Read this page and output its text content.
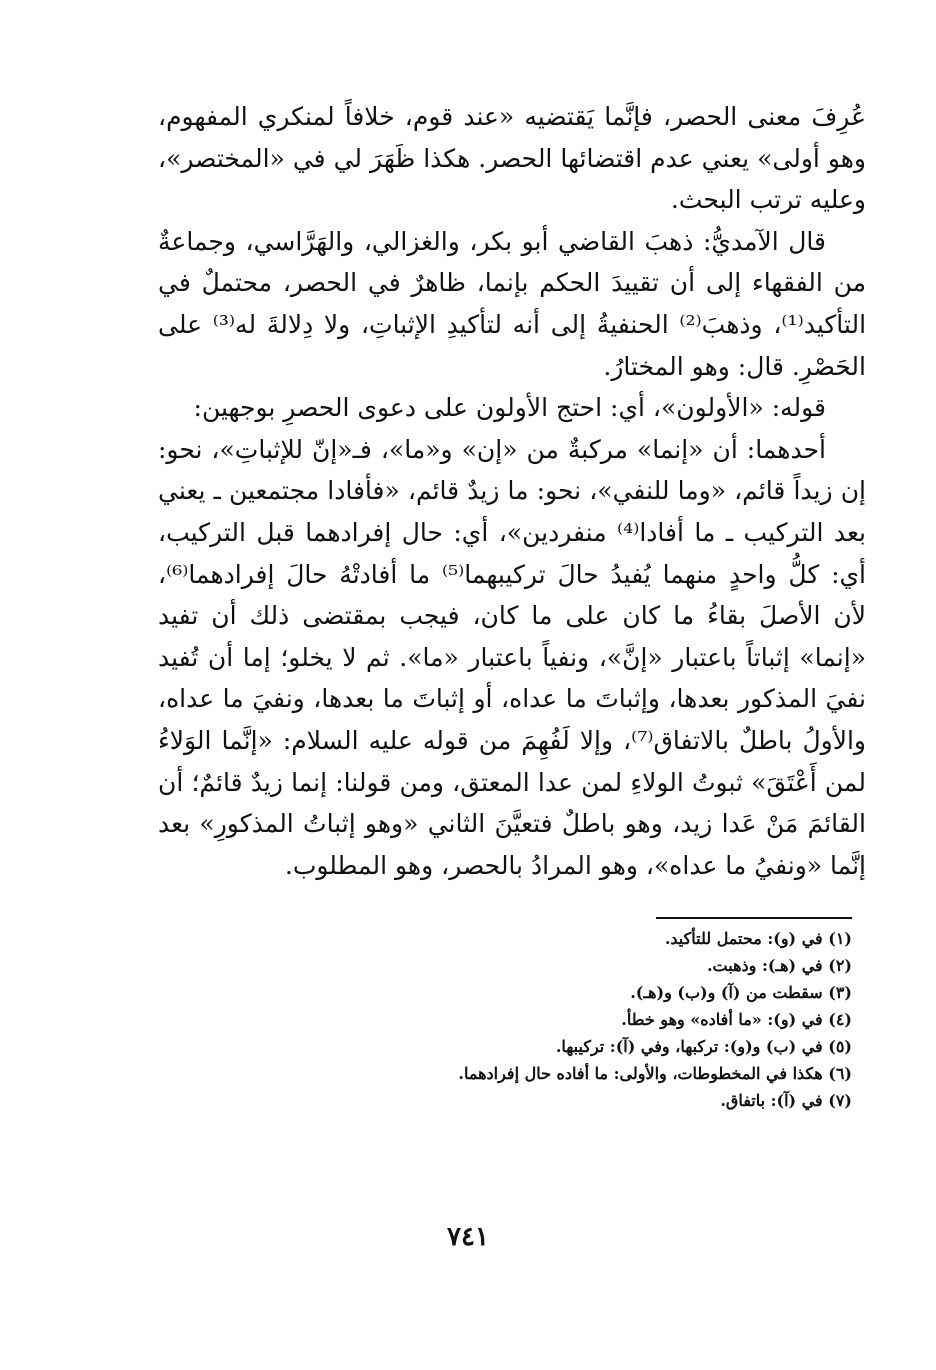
عُرِفَ معنى الحصر، فإنَّما يَقتضيه «عند قوم، خلافاً لمنكري المفهوم، وهو أولى» يعني عدم اقتضائها الحصر. هكذا ظَهَرَ لي في «المختصر»، وعليه ترتب البحث.

قال الآمديُّ: ذهبَ القاضي أبو بكر، والغزالي، والهَرَّاسي، وجماعةٌ من الفقهاء إلى أن تقييدَ الحكم بإنما، ظاهرٌ في الحصر، محتملٌ في التأكيد⁽¹⁾، وذهبَ⁽²⁾ الحنفيةُ إلى أنه لتأكيدِ الإثباتِ، ولا دِلالةَ له⁽³⁾ على الحَصْرِ. قال: وهو المختارُ.

قوله: «الأولون»، أي: احتج الأولون على دعوى الحصرِ بوجهين:

أحدهما: أن «إنما» مركبةٌ من «إن» و«ما»، فـ«إنّ للإثباتِ»، نحو: إن زيداً قائم، «وما للنفي»، نحو: ما زيدٌ قائم، «فأفادا مجتمعين ـ يعني بعد التركيب ـ ما أفادا⁽⁴⁾ منفردين»، أي: حال إفرادهما قبل التركيب، أي: كلُّ واحدٍ منهما يُفيدُ حالَ تركيبهما⁽⁵⁾ ما أفادتْهُ حالَ إفرادهما⁽⁶⁾، لأن الأصلَ بقاءُ ما كان على ما كان، فيجب بمقتضى ذلك أن تفيد «إنما» إثباتاً باعتبار «إنَّ»، ونفياً باعتبار «ما». ثم لا يخلو؛ إما أن تُفيد نفيَ المذكور بعدها، وإثباتَ ما عداه، أو إثباتَ ما بعدها، ونفيَ ما عداه، والأولُ باطلٌ بالاتفاق⁽⁷⁾، وإلا لَفُهِمَ من قوله عليه السلام: «إنَّما الوَلاءُ لمن أَعْتَقَ» ثبوتُ الولاءِ لمن عدا المعتق، ومن قولنا: إنما زيدٌ قائمٌ؛ أن القائمَ مَنْ عَدا زيد، وهو باطلٌ فتعيَّنَ الثاني «وهو إثباتُ المذكورِ» بعد إنَّما «ونفيُ ما عداه»، وهو المرادُ بالحصر، وهو المطلوب.

(١) في (و): محتمل للتأكيد.
(٢) في (هـ): وذهبت.
(٣) سقطت من (آ) و(ب) و(هـ).
(٤) في (و): «ما أفاده» وهو خطأ.
(٥) في (ب) و(و): تركبها، وفي (آ): تركيبها.
(٦) هكذا في المخطوطات، والأولى: ما أفاده حال إفرادهما.
(٧) في (آ): باتفاق.
٧٤١
